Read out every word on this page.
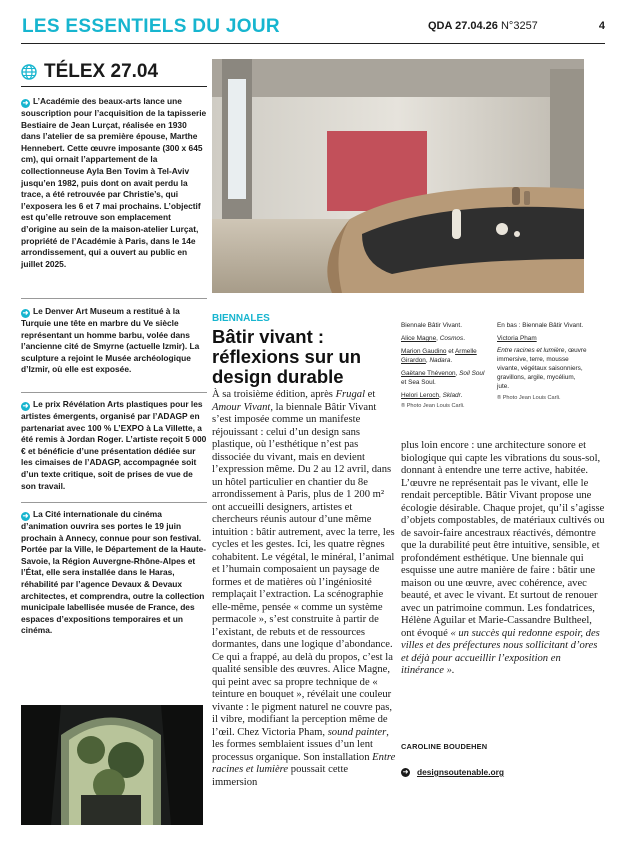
LES ESSENTIELS DU JOUR	QDA 27.04.26 N°3257	4
TÉLEX 27.04
➜ L’Académie des beaux-arts lance une souscription pour l’acquisition de la tapisserie Bestiaire de Jean Lurçat, réalisée en 1930 dans l’atelier de sa première épouse, Marthe Hennebert. Cette œuvre imposante (300 x 645 cm), qui ornait l’appartement de la collectionneuse Ayla Ben Tovim à Tel-Aviv jusqu’en 1982, puis dont on avait perdu la trace, a été retrouvée par Christie’s, qui l’exposera les 6 et 7 mai prochains. L’objectif est qu’elle retrouve son emplacement d’origine au sein de la maison-atelier Lurçat, propriété de l’Académie à Paris, dans le 14e arrondissement, qui a ouvert au public en juillet 2025.
➜ Le Denver Art Museum a restitué à la Turquie une tête en marbre du Ve siècle représentant un homme barbu, volée dans l’ancienne cité de Smyrne (actuelle Izmir). La sculpture a rejoint le Musée archéologique d’Izmir, où elle est exposée.
➜ Le prix Révélation Arts plastiques pour les artistes émergents, organisé par l’ADAGP en partenariat avec 100 % L’EXPO à La Villette, a été remis à Jordan Roger. L’artiste reçoit 5 000 € et bénéficie d’une présentation dédiée sur les cimaises de l’ADAGP, accompagnée soit d’un texte critique, soit de prises de vue de son travail.
➜ La Cité internationale du cinéma d’animation ouvrira ses portes le 19 juin prochain à Annecy, connue pour son festival. Portée par la Ville, le Département de la Haute-Savoie, la Région Auvergne-Rhône-Alpes et l’État, elle sera installée dans le Haras, réhabilité par l’agence Devaux & Devaux architectes, et comprendra, outre la collection municipale labellisée musée de France, des espaces d’expositions temporaires et un cinéma.
BIENNALES
Bâtir vivant : réflexions sur un design durable
Biennale Bâtir Vivant.
Alice Magne, Cosmos.
Marion Gaudino et Armelle Girardon, Nadara.
Gaëtane Thévenon, Soil Soul
et Sea Soul.
Helori Leroch, Skladr.
® Photo Jean Louis Carli.
En bas : Biennale Bâtir Vivant.
Victoria Pham
Entre racines et lumière, œuvre immersive, terre, mousse vivante, végétaux saisonniers, gravillons, argile, mycélium, jute.
® Photo Jean Louis Carli.
À sa troisième édition, après Frugal et Amour Vivant, la biennale Bâtir Vivant s’est imposée comme un manifeste réjouissant : celui d’un design sans plastique, où l’esthétique n’est pas dissociée du vivant, mais en devient l’expression même. Du 2 au 12 avril, dans un hôtel particulier en chantier du 8e arrondissement à Paris, plus de 1 200 m² ont accueilli designers, artistes et chercheurs réunis autour d’une même intuition : bâtir autrement, avec la terre, les cycles et les gestes. Ici, les quatre règnes cohabitent. Le végétal, le minéral, l’animal et l’humain composaient un paysage de formes et de matières où l’ingéniosité remplaçait l’extraction. La scénographie elle-même, pensée « comme un système permacole », s’est construite à partir de l’existant, de rebuts et de ressources dormantes, dans une logique d’abondance. Ce qui a frappé, au delà du propos, c’est la qualité sensible des œuvres. Alice Magne, qui peint avec sa propre technique de « teinture en bouquet », révélait une couleur vivante : le pigment naturel ne couvre pas, il vibre, modifiant la perception même de l’œil. Chez Victoria Pham, sound painter, les formes semblaient issues d’un lent processus organique. Son installation Entre racines et lumière poussait cette immersion
plus loin encore : une architecture sonore et biologique qui capte les vibrations du sous-sol, donnant à entendre une terre active, habitée. L’œuvre ne représentait pas le vivant, elle le rendait perceptible. Bâtir Vivant propose une écologie désirable. Chaque projet, qu’il s’agisse d’objets compostables, de matériaux cultivés ou de savoir-faire ancestraux réactivés, démontre que la durabilité peut être intuitive, sensible, et profondément esthétique. Une biennale qui esquisse une autre manière de faire : bâtir une maison ou une œuvre, avec cohérence, avec beauté, et avec le vivant. Et surtout de renouer avec un patrimoine commun. Les fondatrices, Hélène Aguilar et Marie-Cassandre Bultheel, ont évoqué « un succès qui redonne espoir, des villes et des préfectures nous sollicitant d’ores et déjà pour accueillir l’exposition en itinérance ».
CAROLINE BOUDEHEN
➜ designsoutenable.org
